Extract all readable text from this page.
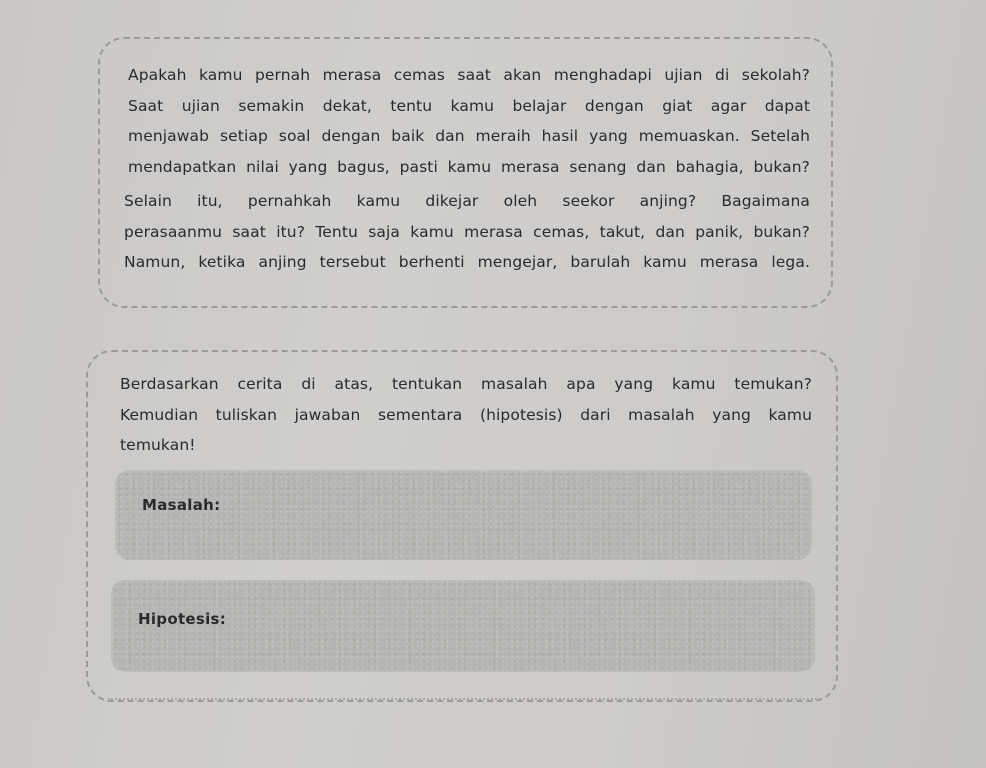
Apakah kamu pernah merasa cemas saat akan menghadapi ujian di sekolah?
Saat ujian semakin dekat, tentu kamu belajar dengan giat agar dapat
menjawab setiap soal dengan baik dan meraih hasil yang memuaskan. Setelah
mendapatkan nilai yang bagus, pasti kamu merasa senang dan bahagia, bukan?

Selain itu, pernahkah kamu dikejar oleh seekor anjing? Bagaimana
perasaanmu saat itu? Tentu saja kamu merasa cemas, takut, dan panik, bukan?
Namun, ketika anjing tersebut berhenti mengejar, barulah kamu merasa lega.

Berdasarkan cerita di atas, tentukan masalah apa yang kamu temukan?
Kemudian tuliskan jawaban sementara (hipotesis) dari masalah yang kamu
temukan!

Masalah:
Hipotesis:
